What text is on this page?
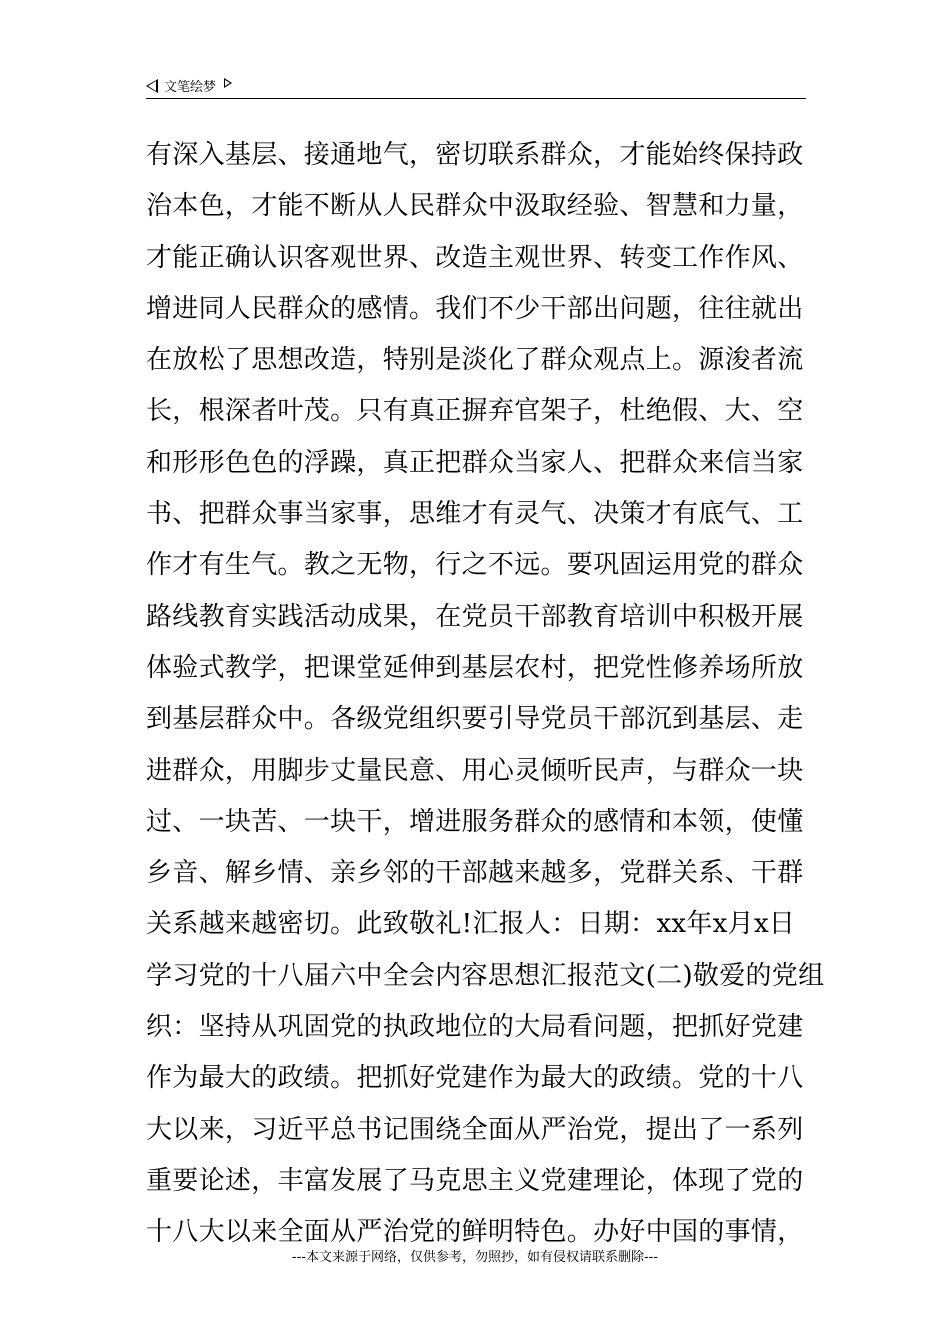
文笔绘梦
有深入基层、接通地气，密切联系群众，才能始终保持政
治本色，才能不断从人民群众中汲取经验、智慧和力量，
才能正确认识客观世界、改造主观世界、转变工作作风、
增进同人民群众的感情。我们不少干部出问题，往往就出
在放松了思想改造，特别是淡化了群众观点上。源浚者流
长，根深者叶茂。只有真正摒弃官架子，杜绝假、大、空
和形形色色的浮躁，真正把群众当家人、把群众来信当家
书、把群众事当家事，思维才有灵气、决策才有底气、工
作才有生气。教之无物，行之不远。要巩固运用党的群众
路线教育实践活动成果，在党员干部教育培训中积极开展
体验式教学，把课堂延伸到基层农村，把党性修养场所放
到基层群众中。各级党组织要引导党员干部沉到基层、走
进群众，用脚步丈量民意、用心灵倾听民声，与群众一块
过、一块苦、一块干，增进服务群众的感情和本领，使懂
乡音、解乡情、亲乡邻的干部越来越多，党群关系、干群
关系越来越密切。此致敬礼!汇报人：日期：xx年x月x日
学习党的十八届六中全会内容思想汇报范文(二)敬爱的党组
织：坚持从巩固党的执政地位的大局看问题，把抓好党建
作为最大的政绩。把抓好党建作为最大的政绩。党的十八
大以来，习近平总书记围绕全面从严治党，提出了一系列
重要论述，丰富发展了马克思主义党建理论，体现了党的
十八大以来全面从严治党的鲜明特色。办好中国的事情，
---本文来源于网络，仅供参考，勿照抄，如有侵权请联系删除---
